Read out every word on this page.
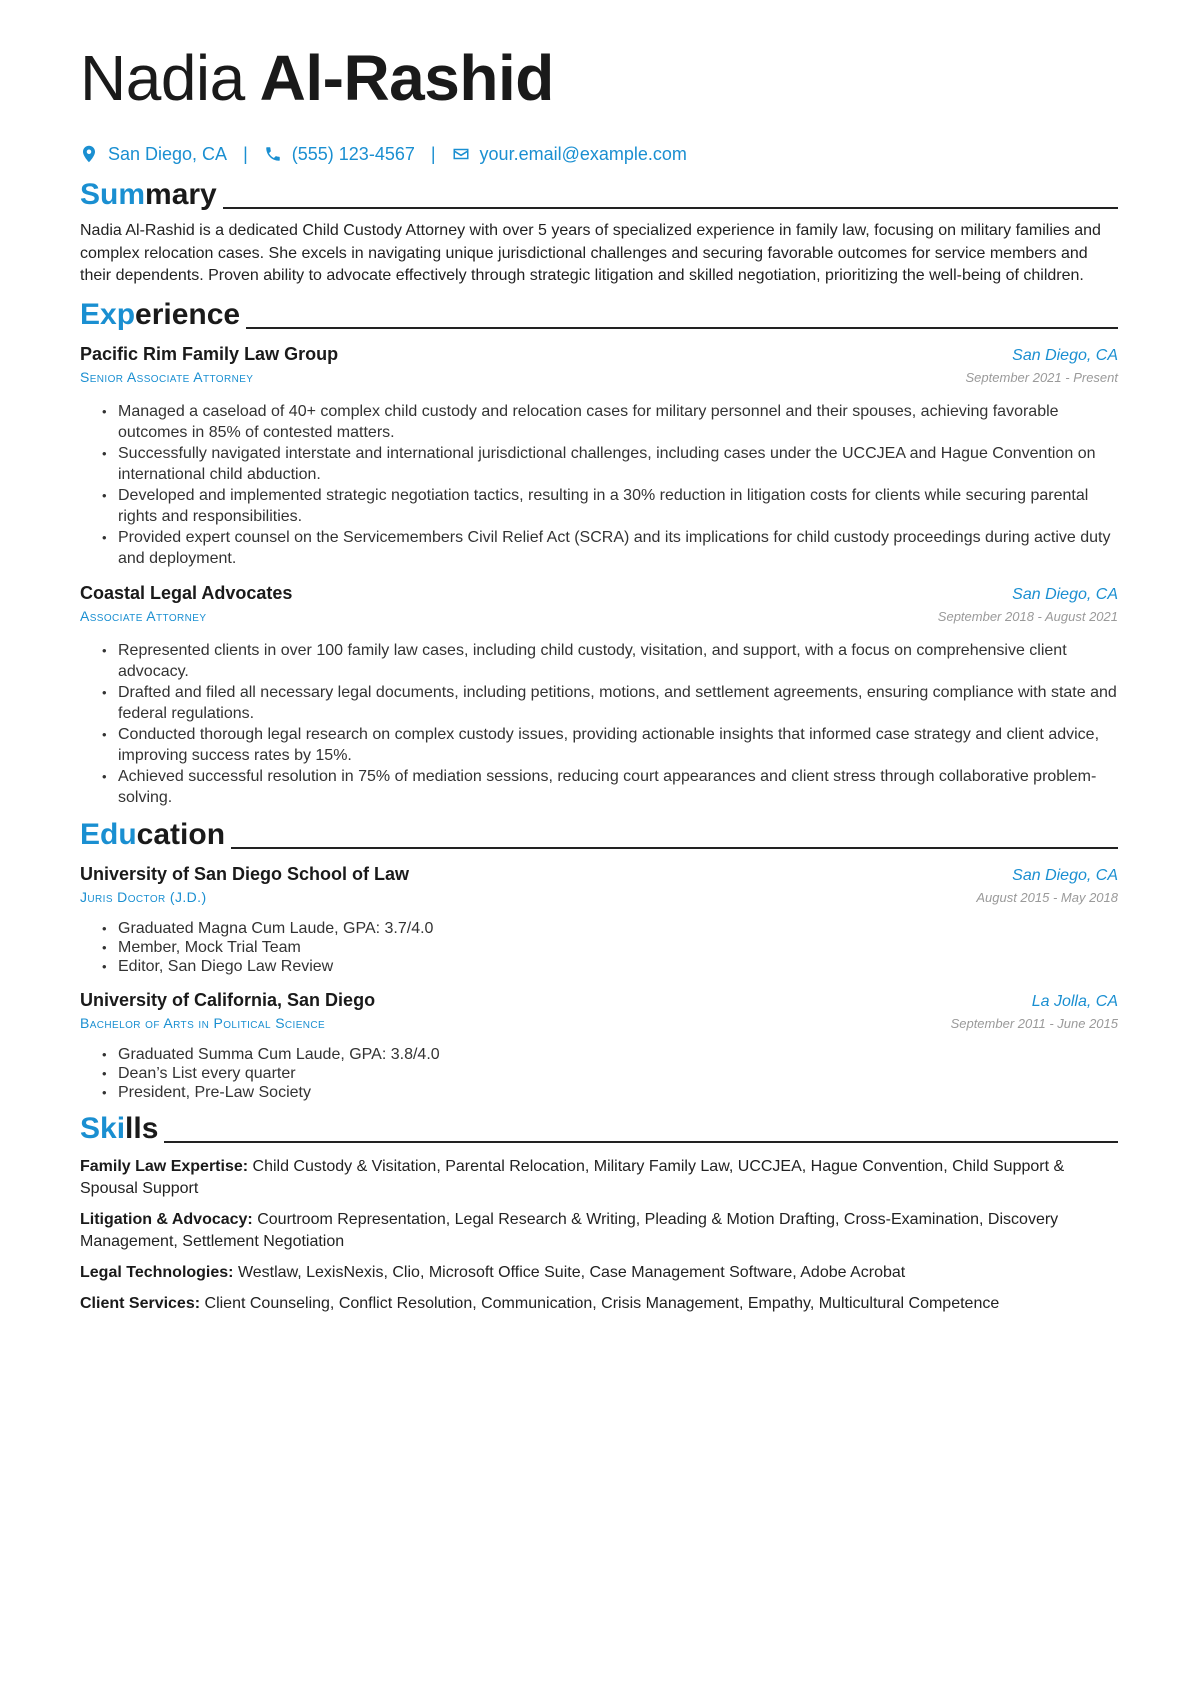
Nadia Al-Rashid
San Diego, CA | (555) 123-4567 | your.email@example.com
Summary

Nadia Al-Rashid is a dedicated Child Custody Attorney with over 5 years of specialized experience in family law, focusing on military families and complex relocation cases. She excels in navigating unique jurisdictional challenges and securing favorable outcomes for service members and their dependents. Proven ability to advocate effectively through strategic litigation and skilled negotiation, prioritizing the well-being of children.

Experience
Pacific Rim Family Law Group	San Diego, CA
Senior Associate Attorney	September 2021 - Present
• Managed a caseload of 40+ complex child custody and relocation cases for military personnel and their spouses, achieving favorable outcomes in 85% of contested matters.
• Successfully navigated interstate and international jurisdictional challenges, including cases under the UCCJEA and Hague Convention on international child abduction.
• Developed and implemented strategic negotiation tactics, resulting in a 30% reduction in litigation costs for clients while securing parental rights and responsibilities.
• Provided expert counsel on the Servicemembers Civil Relief Act (SCRA) and its implications for child custody proceedings during active duty and deployment.
Coastal Legal Advocates	San Diego, CA
Associate Attorney	September 2018 - August 2021
• Represented clients in over 100 family law cases, including child custody, visitation, and support, with a focus on comprehensive client advocacy.
• Drafted and filed all necessary legal documents, including petitions, motions, and settlement agreements, ensuring compliance with state and federal regulations.
• Conducted thorough legal research on complex custody issues, providing actionable insights that informed case strategy and client advice, improving success rates by 15%.
• Achieved successful resolution in 75% of mediation sessions, reducing court appearances and client stress through collaborative problem-solving.
Education
University of San Diego School of Law	San Diego, CA
Juris Doctor (J.D.)	August 2015 - May 2018
• Graduated Magna Cum Laude, GPA: 3.7/4.0
• Member, Mock Trial Team
• Editor, San Diego Law Review
University of California, San Diego	La Jolla, CA
Bachelor of Arts in Political Science	September 2011 - June 2015
• Graduated Summa Cum Laude, GPA: 3.8/4.0
• Dean’s List every quarter
• President, Pre-Law Society
Skills
Family Law Expertise: Child Custody & Visitation, Parental Relocation, Military Family Law, UCCJEA, Hague Convention, Child Support & Spousal Support
Litigation & Advocacy: Courtroom Representation, Legal Research & Writing, Pleading & Motion Drafting, Cross-Examination, Discovery Management, Settlement Negotiation
Legal Technologies: Westlaw, LexisNexis, Clio, Microsoft Office Suite, Case Management Software, Adobe Acrobat
Client Services: Client Counseling, Conflict Resolution, Communication, Crisis Management, Empathy, Multicultural Competence
